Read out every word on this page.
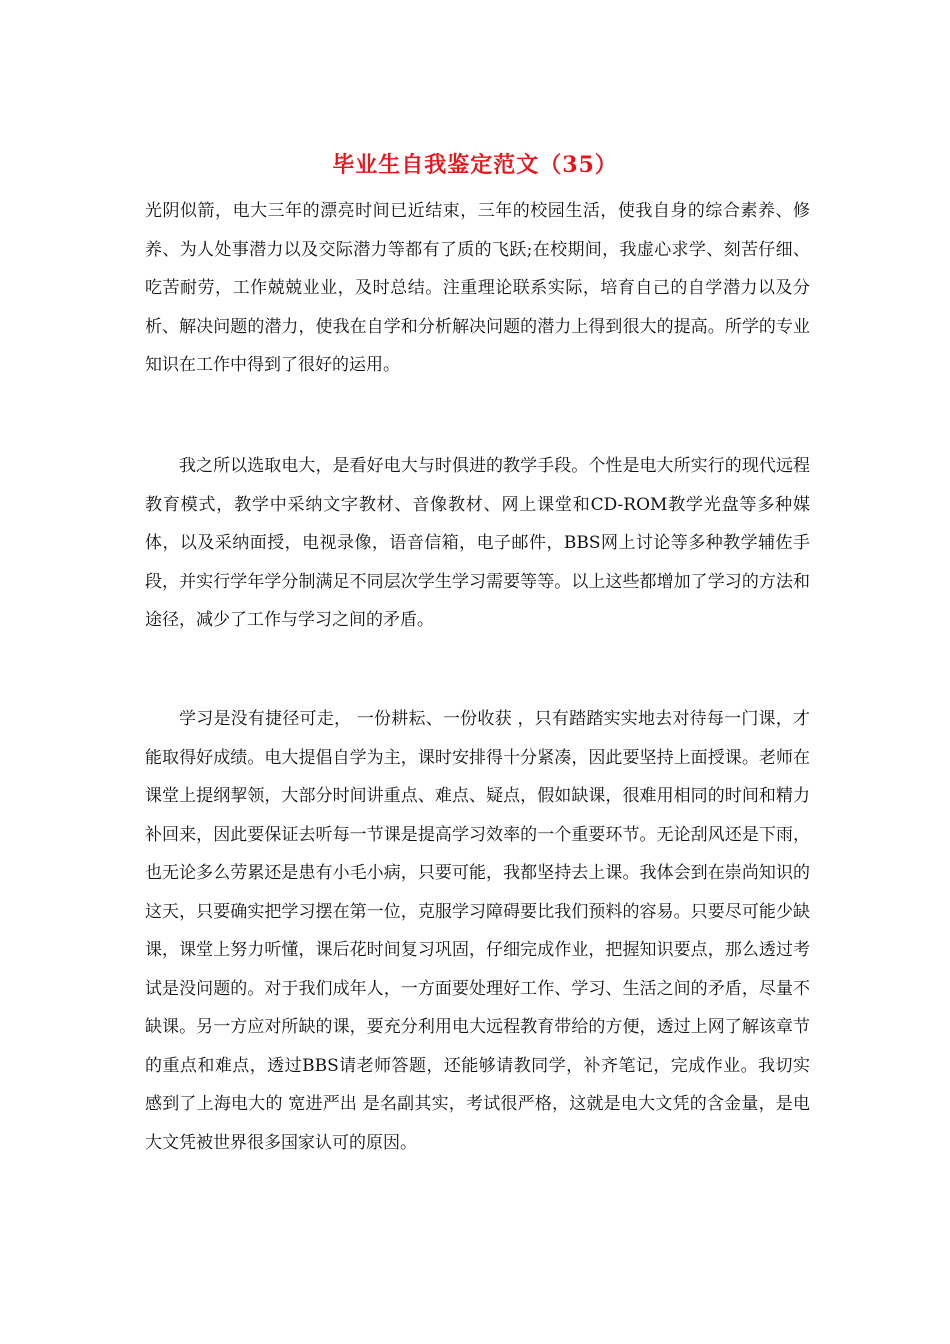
毕业生自我鉴定范文（35）

光阴似箭，电大三年的漂亮时间已近结束，三年的校园生活，使我自身的综合素养、修养、为人处事潜力以及交际潜力等都有了质的飞跃;在校期间，我虚心求学、刻苦仔细、吃苦耐劳，工作兢兢业业，及时总结。注重理论联系实际，培育自己的自学潜力以及分析、解决问题的潜力，使我在自学和分析解决问题的潜力上得到很大的提高。所学的专业知识在工作中得到了很好的运用。

我之所以选取电大，是看好电大与时俱进的教学手段。个性是电大所实行的现代远程教育模式，教学中采纳文字教材、音像教材、网上课堂和CD-ROM教学光盘等多种媒体，以及采纳面授，电视录像，语音信箱，电子邮件，BBS网上讨论等多种教学辅佐手段，并实行学年学分制满足不同层次学生学习需要等等。以上这些都增加了学习的方法和途径，减少了工作与学习之间的矛盾。

学习是没有捷径可走， 一份耕耘、一份收获 ，只有踏踏实实地去对待每一门课，才能取得好成绩。电大提倡自学为主，课时安排得十分紧凑，因此要坚持上面授课。老师在课堂上提纲挈领，大部分时间讲重点、难点、疑点，假如缺课，很难用相同的时间和精力补回来，因此要保证去听每一节课是提高学习效率的一个重要环节。无论刮风还是下雨，也无论多么劳累还是患有小毛小病，只要可能，我都坚持去上课。我体会到在崇尚知识的这天，只要确实把学习摆在第一位，克服学习障碍要比我们预料的容易。只要尽可能少缺课，课堂上努力听懂，课后花时间复习巩固，仔细完成作业，把握知识要点，那么透过考试是没问题的。对于我们成年人，一方面要处理好工作、学习、生活之间的矛盾，尽量不缺课。另一方应对所缺的课，要充分利用电大远程教育带给的方便，透过上网了解该章节的重点和难点，透过BBS请老师答题，还能够请教同学，补齐笔记，完成作业。我切实感到了上海电大的 宽进严出 是名副其实，考试很严格，这就是电大文凭的含金量，是电大文凭被世界很多国家认可的原因。
